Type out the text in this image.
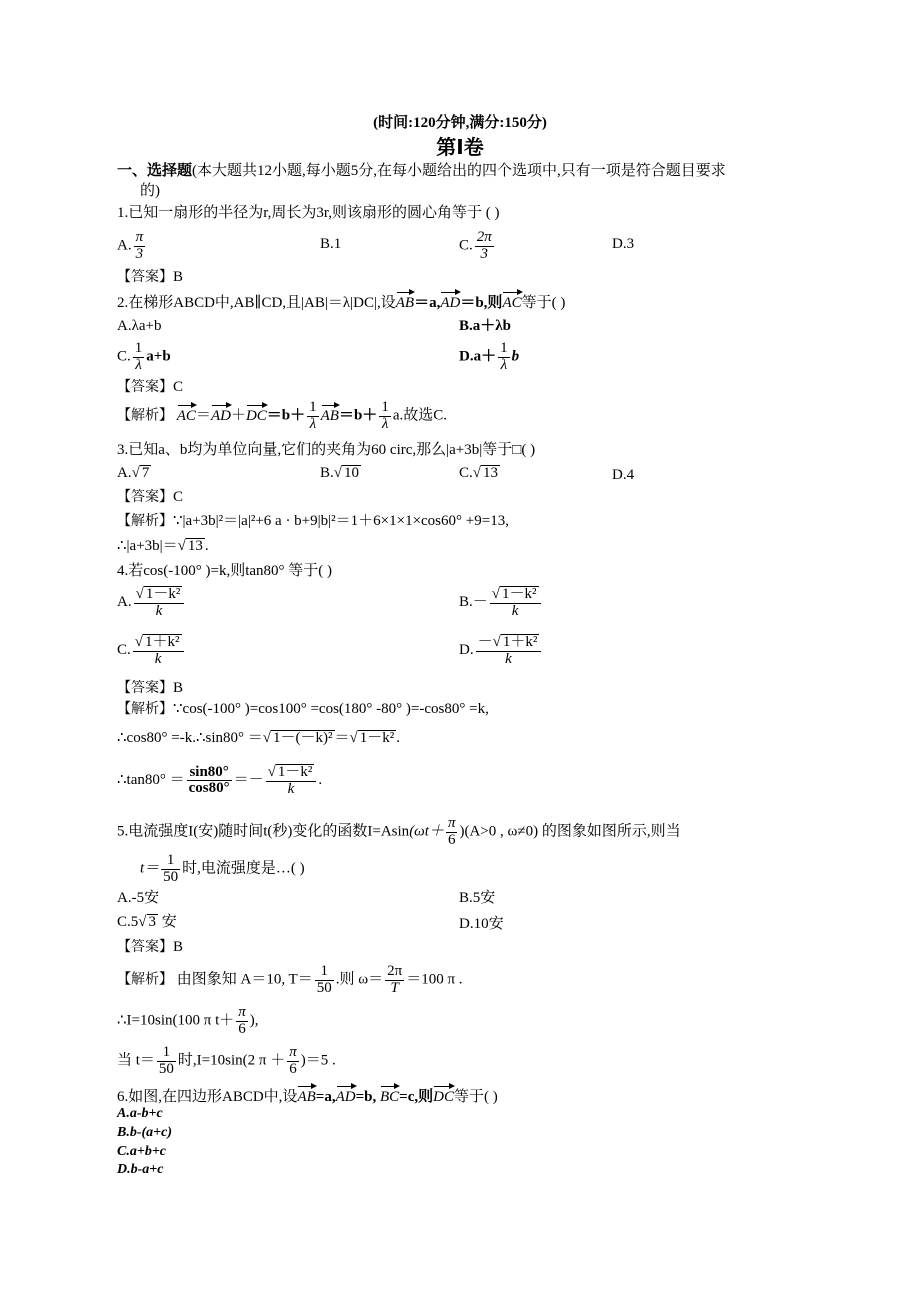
(时间:120分钟,满分:150分)
第Ⅰ卷
一、选择题(本大题共12小题,每小题5分,在每小题给出的四个选项中,只有一项是符合题目要求
的)
1.已知一扇形的半径为r,周长为3r,则该扇形的圆心角等于 ( )
A. $\frac{\pi}{3}$	B.1	C. $\frac{2\pi}{3}$	D.3
【答案】B
2.在梯形ABCD中,AB∥CD,且|AB|＝λ|DC|,设AB＝a,AD＝b,则AC等于( )
A.λa+b	B.a＋λb
C. $\frac{1}{\lambda} a+b$	$D.a+ \frac{1}{\lambda}$ b
【答案】C
【解析】 $AC=AD+DC=b+ \frac{1}{\lambda} AB=b+ \frac{1}{\lambda} a$.故选C.
3.已知a、b均为单位向量,它们的夹角为60 circ,那么|a+3b|等于□( )
A.√ 7	B.√ 10	C.√ 13	D.4
【答案】C
【解析】∵|a+3b|²＝|a|²+6 a · b+9|b|²＝1＋6×1×1×cos60° +9=13,
∴|a+3b|＝√ 13 .
4.若cos(-100° )=k,则tan80° 等于( )
A. $\frac{\text{√ 1－k²}}{k}$	$B.- \frac{\text{√ 1－k²}}{k}$
C. $\frac{\text{√ 1＋k²}}{k}$	D. $\frac{\text{－√ 1＋k²}}{k}$
【答案】B
【解析】∵cos(-100° )=cos100° =cos(180° -80° )=-cos80° =k,
∴cos80° =-k.∴sin80° ＝√ 1－(－k)² ＝√ 1－k² .
∴tan80° ＝ $\frac{\sin 80^\circ}{\cos 80^\circ} =- \frac{\text{√ 1－k²}}{k}$ .
5.电流强度I(安)随时间t(秒)变化的函数$I=Asin(\omega t+ \frac{\pi}{6} )(A>0$ , ω≠0) 的图象如图所示,则当
$t= \frac{1}{50}$ 时,电流强度是…( )
A.-5安	B.5安
C.5√ 3 安	D.10安
【答案】B
【解析】 由图象知 A＝10, $T= \frac{1}{50}$ .则 $\omega= \frac{2\pi}{T} =100$ π .
∴I=10sin(100 π $t+ \frac{\pi}{6}$ ),
当 $t= \frac{1}{50}$ 时,I=10sin(2 $\pi + \frac{\pi}{6} )=5$ .
6.如图,在四边形ABCD中,设AB=a,AD=b, BC=c,则DC等于( )
A.a-b+c
B.b-(a+c)
C.a+b+c
D.b-a+c
